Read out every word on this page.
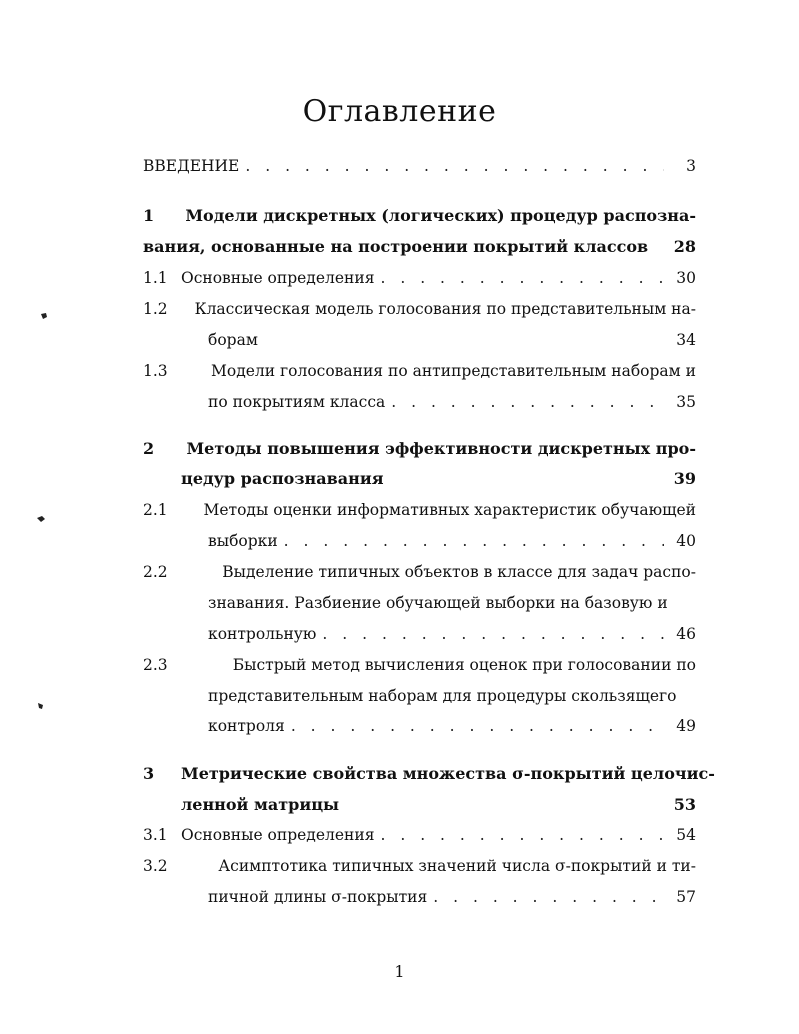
Оглавление
ВВЕДЕНИЕ . . .	3
1	Модели дискретных (логических) процедур распозна-
вания, основанные на построении покрытий классов 28
1.1 Основные определения . . .	30
1.2	Классическая модель голосования по представительным на-
борам	34
1.3	Модели голосования по антипредставительным наборам и
по покрытиям класса . . .	35
2	Методы повышения эффективности дискретных про-
цедур распознавания	39
2.1	Методы оценки информативных характеристик обучающей
выборки . . .	40
2.2	Выделение типичных объектов в классе для задач распо-
знавания. Разбиение обучающей выборки на базовую и
контрольную . . .	46
2.3	Быстрый метод вычисления оценок при голосовании по
представительным наборам для процедуры скользящего
контроля . . .	49
3	Метрические свойства множества σ-покрытий целочис-
ленной матрицы	53
3.1 Основные определения . . .	54
3.2	Асимптотика типичных значений числа σ-покрытий и ти-
пичной длины σ-покрытия . . .	57
1
